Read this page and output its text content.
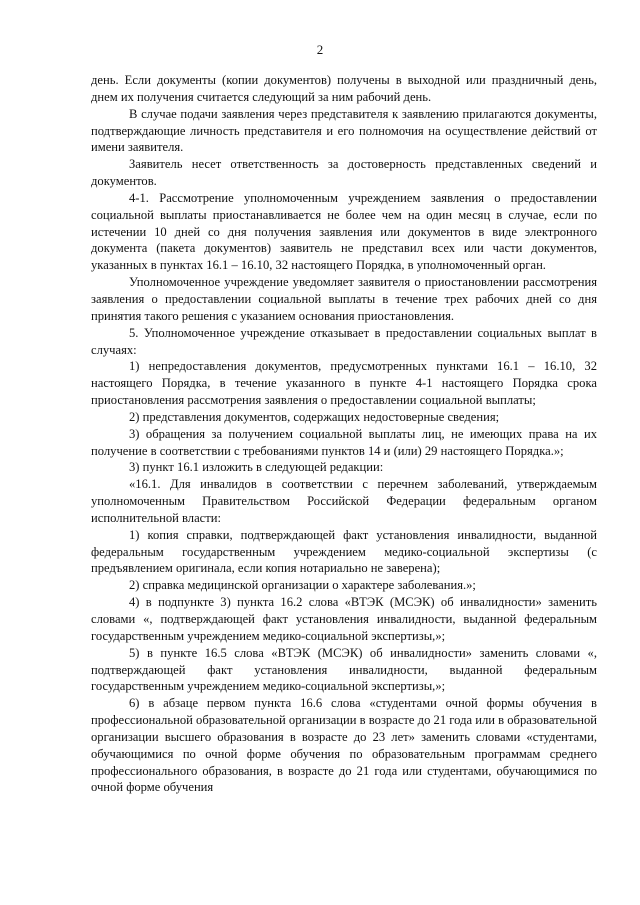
2

день. Если документы (копии документов) получены в выходной или праздничный день, днем их получения считается следующий за ним рабочий день.

В случае подачи заявления через представителя к заявлению прилагаются документы, подтверждающие личность представителя и его полномочия на осуществление действий от имени заявителя.

Заявитель несет ответственность за достоверность представленных сведений и документов.

4-1. Рассмотрение уполномоченным учреждением заявления о предоставлении социальной выплаты приостанавливается не более чем на один месяц в случае, если по истечении 10 дней со дня получения заявления или документов в виде электронного документа (пакета документов) заявитель не представил всех или части документов, указанных в пунктах 16.1 – 16.10, 32 настоящего Порядка, в уполномоченный орган.

Уполномоченное учреждение уведомляет заявителя о приостановлении рассмотрения заявления о предоставлении социальной выплаты в течение трех рабочих дней со дня принятия такого решения с указанием основания приостановления.

5. Уполномоченное учреждение отказывает в предоставлении социальных выплат в случаях:

1) непредоставления документов, предусмотренных пунктами 16.1 – 16.10, 32 настоящего Порядка, в течение указанного в пункте 4-1 настоящего Порядка срока приостановления рассмотрения заявления о предоставлении социальной выплаты;

2) представления документов, содержащих недостоверные сведения;

3) обращения за получением социальной выплаты лиц, не имеющих права на их получение в соответствии с требованиями пунктов 14 и (или) 29 настоящего Порядка.»;

3) пункт 16.1 изложить в следующей редакции:

«16.1. Для инвалидов в соответствии с перечнем заболеваний, утверждаемым уполномоченным Правительством Российской Федерации федеральным органом исполнительной власти:

1) копия справки, подтверждающей факт установления инвалидности, выданной федеральным государственным учреждением медико-социальной экспертизы (с предъявлением оригинала, если копия нотариально не заверена);

2) справка медицинской организации о характере заболевания.»;

4) в подпункте 3) пункта 16.2 слова «ВТЭК (МСЭК) об инвалидности» заменить словами «, подтверждающей факт установления инвалидности, выданной федеральным государственным учреждением медико-социальной экспертизы,»;

5) в пункте 16.5 слова «ВТЭК (МСЭК) об инвалидности» заменить словами «, подтверждающей факт установления инвалидности, выданной федеральным государственным учреждением медико-социальной экспертизы,»;

6) в абзаце первом пункта 16.6 слова «студентами очной формы обучения в профессиональной образовательной организации в возрасте до 21 года или в образовательной организации высшего образования в возрасте до 23 лет» заменить словами «студентами, обучающимися по очной форме обучения по образовательным программам среднего профессионального образования, в возрасте до 21 года или студентами, обучающимися по очной форме обучения
